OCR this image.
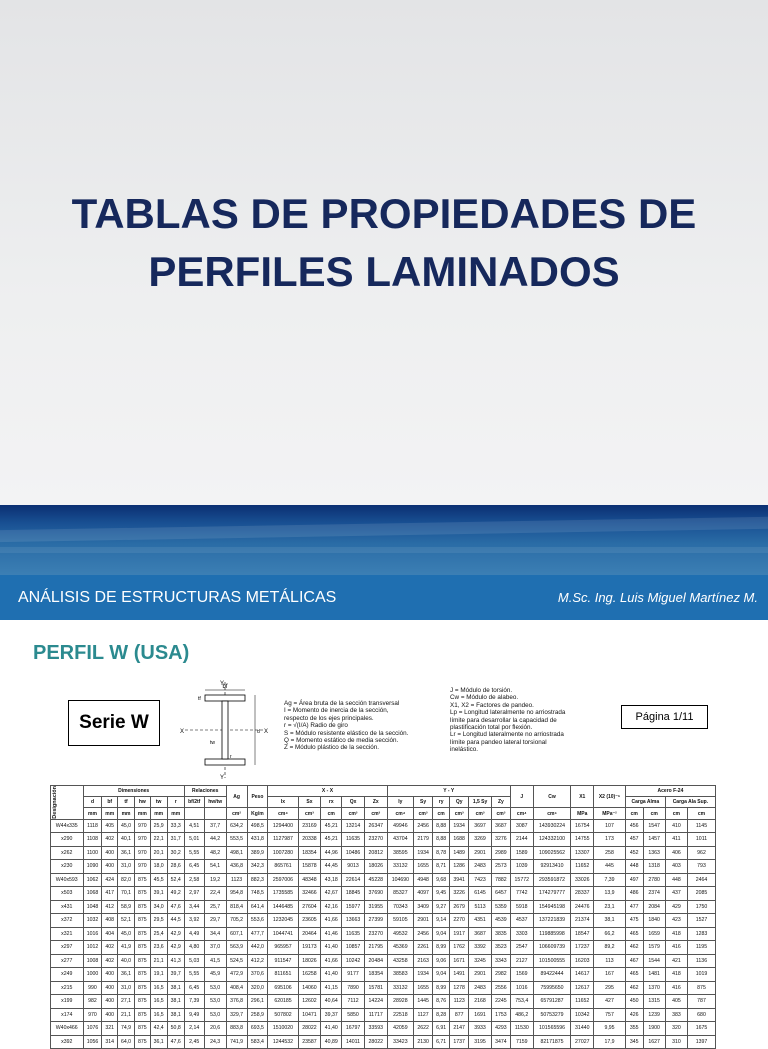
TABLAS DE PROPIEDADES DE
PERFILES LAMINADOS
ANÁLISIS DE ESTRUCTURAS METÁLICAS	M.Sc. Ing. Luis Miguel Martínez M.
PERFIL W (USA)
Serie W
bf
Y
Y
X	X
d
tw
tf
r
Ag = Área bruta de la sección transversal
I = Momento de inercia de la sección,
respecto de los ejes principales.
r = √(I/A) Radio de giro
S = Módulo resistente elástico de la sección.
Q = Momento estático de media sección.
Z = Módulo plástico de la sección.
J = Módulo de torsión.
Cw = Módulo de alabeo.
X1, X2 = Factores de pandeo.
Lp = Longitud lateralmente no arriostrada
límite para desarrollar la capacidad de
plastificación total por flexión.
Lr = Longitud lateralmente no arriostrada
límite para pandeo lateral torsional
inelástico.
Página 1/11
Designación	Dimensiones						Relaciones		Ag	Peso	X - X					Y - Y						J	Cw	X1	X2 (10)⁻⁶	Acero F-24			
	d	bf	tf	hw	tw	r	bf/2tf	hw/tw			Ix	Sx	rx	Qx	Zx	Iy	Sy	ry	Qy	1,5 Sy	Zy					Carga Alma		Carga Ala Sup.	
	mm	mm	mm	mm	mm	mm			cm²	Kg/m	cm⁴	cm³	cm	cm³	cm³	cm⁴	cm³	cm	cm³	cm³	cm³	cm⁴	cm⁶	MPa	MPa⁻²	cm	cm	cm	cm
W44x335	1118	405	45,0	970	25,9	33,3	4,51	37,7	634,2	498,5	1294400	23169	45,21	13214	26347	49946	2456	8,88	1934	3697	3687	3087	143930224	16754	107	456	1547	410	1145
x290	1108	402	40,1	970	22,1	31,7	5,01	44,2	553,5	431,8	1127987	20338	45,21	11635	23270	43704	2179	8,88	1688	3269	3276	2144	124332100	14755	173	457	1457	411	1011
x262	1100	400	36,1	970	20,1	30,2	5,55	48,2	498,1	389,9	1007280	18354	44,96	10486	20812	38595	1934	8,78	1489	2901	2989	1589	109025562	13307	258	452	1363	406	962
x230	1090	400	31,0	970	18,0	28,6	6,45	54,1	436,8	342,3	865761	15878	44,45	9013	18026	33132	1655	8,71	1286	2483	2573	1039	92913410	11652	445	448	1318	403	793
W40x593	1062	424	82,0	875	45,5	52,4	2,58	19,2	1123	882,3	2597006	48348	43,18	22614	45228	104690	4948	9,68	3941	7423	7882	15772	293591872	33026	7,39	497	2780	448	2464
x503	1068	417	70,1	875	39,1	49,2	2,97	22,4	954,8	748,5	1735585	32466	42,67	18845	37690	85327	4097	9,45	3226	6145	6457	7742	174279777	28337	13,9	486	2374	437	2085
x431	1048	412	58,9	875	34,0	47,6	3,44	25,7	818,4	641,4	1446485	27604	42,16	15977	31955	70343	3409	9,27	2679	5113	5359	5918	154945198	24476	23,1	477	2084	429	1750
x372	1032	408	52,1	875	29,5	44,5	3,92	29,7	705,2	553,6	1232045	23605	41,66	13663	27399	59105	2901	9,14	2270	4351	4539	4537	137221839	21374	38,1	475	1840	423	1527
x321	1016	404	45,0	875	25,4	42,9	4,49	34,4	607,1	477,7	1044741	20464	41,46	11635	23270	49532	2456	9,04	1917	3687	3835	3303	119885998	18547	66,2	465	1659	418	1283
x297	1012	402	41,9	875	23,6	42,9	4,80	37,0	563,9	442,0	965957	19173	41,40	10857	21795	45369	2261	8,99	1762	3392	3523	2547	106609739	17237	89,2	462	1579	416	1195
x277	1008	402	40,0	875	21,1	41,3	5,03	41,5	524,5	412,2	911547	18026	41,66	10242	20484	43258	2163	9,06	1671	3245	3343	2127	101500555	16203	113	467	1544	421	1136
x249	1000	400	36,1	875	19,1	39,7	5,55	45,9	472,9	370,6	811651	16258	41,40	9177	18354	38583	1934	9,04	1491	2901	2982	1569	89422444	14617	167	465	1481	418	1019
x215	990	400	31,0	875	16,5	38,1	6,45	53,0	408,4	320,0	695106	14060	41,15	7890	15781	33132	1655	8,99	1278	2483	2556	1016	75995650	12617	295	462	1370	416	875
x199	982	400	27,1	875	16,5	38,1	7,39	53,0	376,8	296,1	620185	12602	40,64	7112	14224	28928	1445	8,76	1123	2168	2245	753,4	65791287	11652	427	450	1315	405	787
x174	970	400	21,1	875	16,5	38,1	9,49	53,0	329,7	258,9	507802	10471	39,37	5850	11717	22518	1127	8,28	877	1691	1753	486,2	50753279	10342	757	426	1239	383	680
W40x466	1076	321	74,9	875	42,4	50,8	2,14	20,6	883,8	693,5	1510020	28022	41,40	16797	33593	42059	2622	6,91	2147	3933	4293	11530	101565596	31440	9,95	355	1900	320	1675
x392	1056	314	64,0	875	36,1	47,6	2,45	24,3	741,9	583,4	1244532	23587	40,89	14011	28022	33423	2130	6,71	1737	3195	3474	7159	82171875	27027	17,9	345	1627	310	1397
